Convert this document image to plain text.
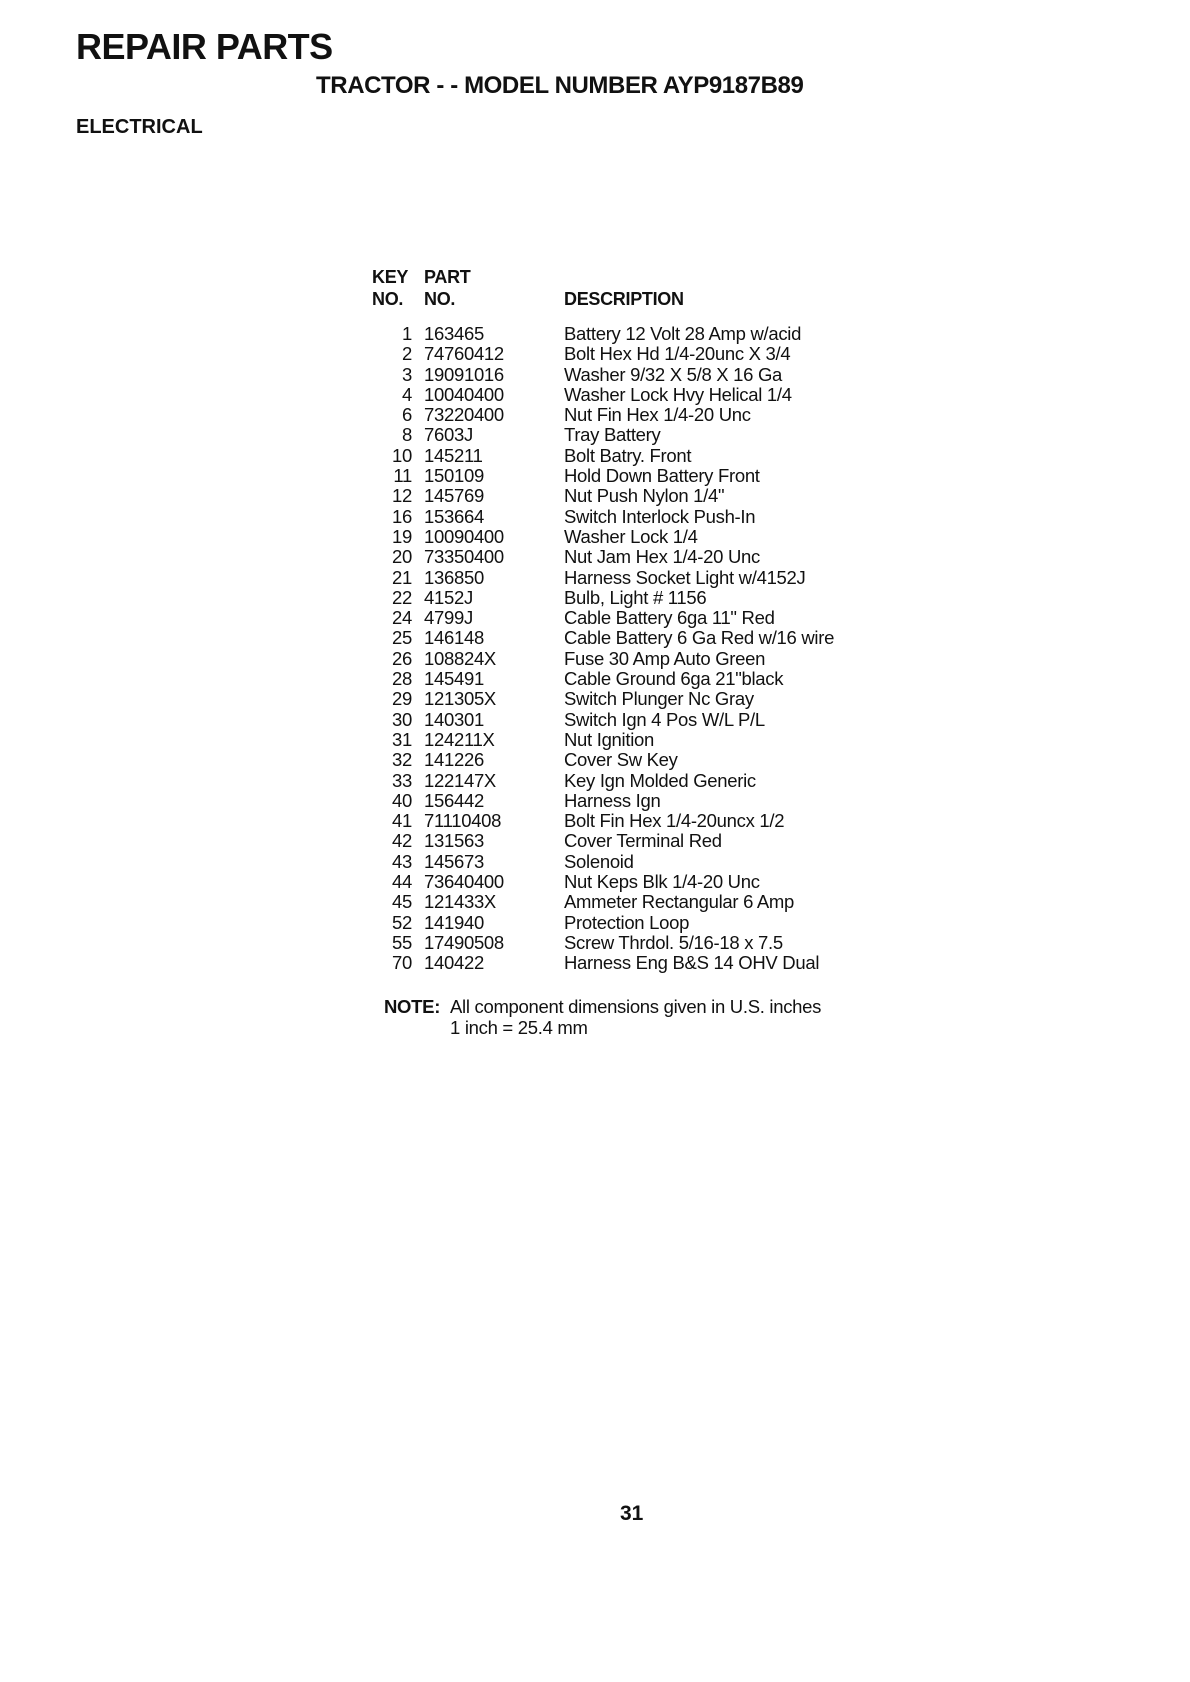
REPAIR PARTS
TRACTOR - - MODEL NUMBER AYP9187B89
ELECTRICAL
KEY	PART	
NO.	NO.	DESCRIPTION

1	163465	Battery 12 Volt 28 Amp w/acid
2	74760412	Bolt Hex Hd 1/4-20unc X 3/4
3	19091016	Washer 9/32 X 5/8 X 16 Ga
4	10040400	Washer Lock Hvy Helical 1/4
6	73220400	Nut Fin Hex 1/4-20 Unc
8	7603J	Tray Battery
10	145211	Bolt Batry. Front
11	150109	Hold Down Battery Front
12	145769	Nut Push Nylon 1/4"
16	153664	Switch Interlock Push-In
19	10090400	Washer Lock 1/4
20	73350400	Nut Jam Hex 1/4-20 Unc
21	136850	Harness Socket Light w/4152J
22	4152J	Bulb, Light # 1156
24	4799J	Cable Battery 6ga 11" Red
25	146148	Cable Battery 6 Ga Red w/16 wire
26	108824X	Fuse 30 Amp Auto Green
28	145491	Cable Ground 6ga 21"black
29	121305X	Switch Plunger Nc Gray
30	140301	Switch Ign 4 Pos W/L P/L
31	124211X	Nut Ignition
32	141226	Cover Sw Key
33	122147X	Key Ign Molded Generic
40	156442	Harness Ign
41	71110408	Bolt Fin Hex 1/4-20uncx 1/2
42	131563	Cover Terminal Red
43	145673	Solenoid
44	73640400	Nut Keps Blk 1/4-20 Unc
45	121433X	Ammeter Rectangular 6 Amp
52	141940	Protection Loop
55	17490508	Screw Thrdol. 5/16-18 x 7.5
70	140422	Harness Eng B&S 14 OHV Dual
NOTE: All component dimensions given in U.S. inches
1 inch = 25.4 mm
31
